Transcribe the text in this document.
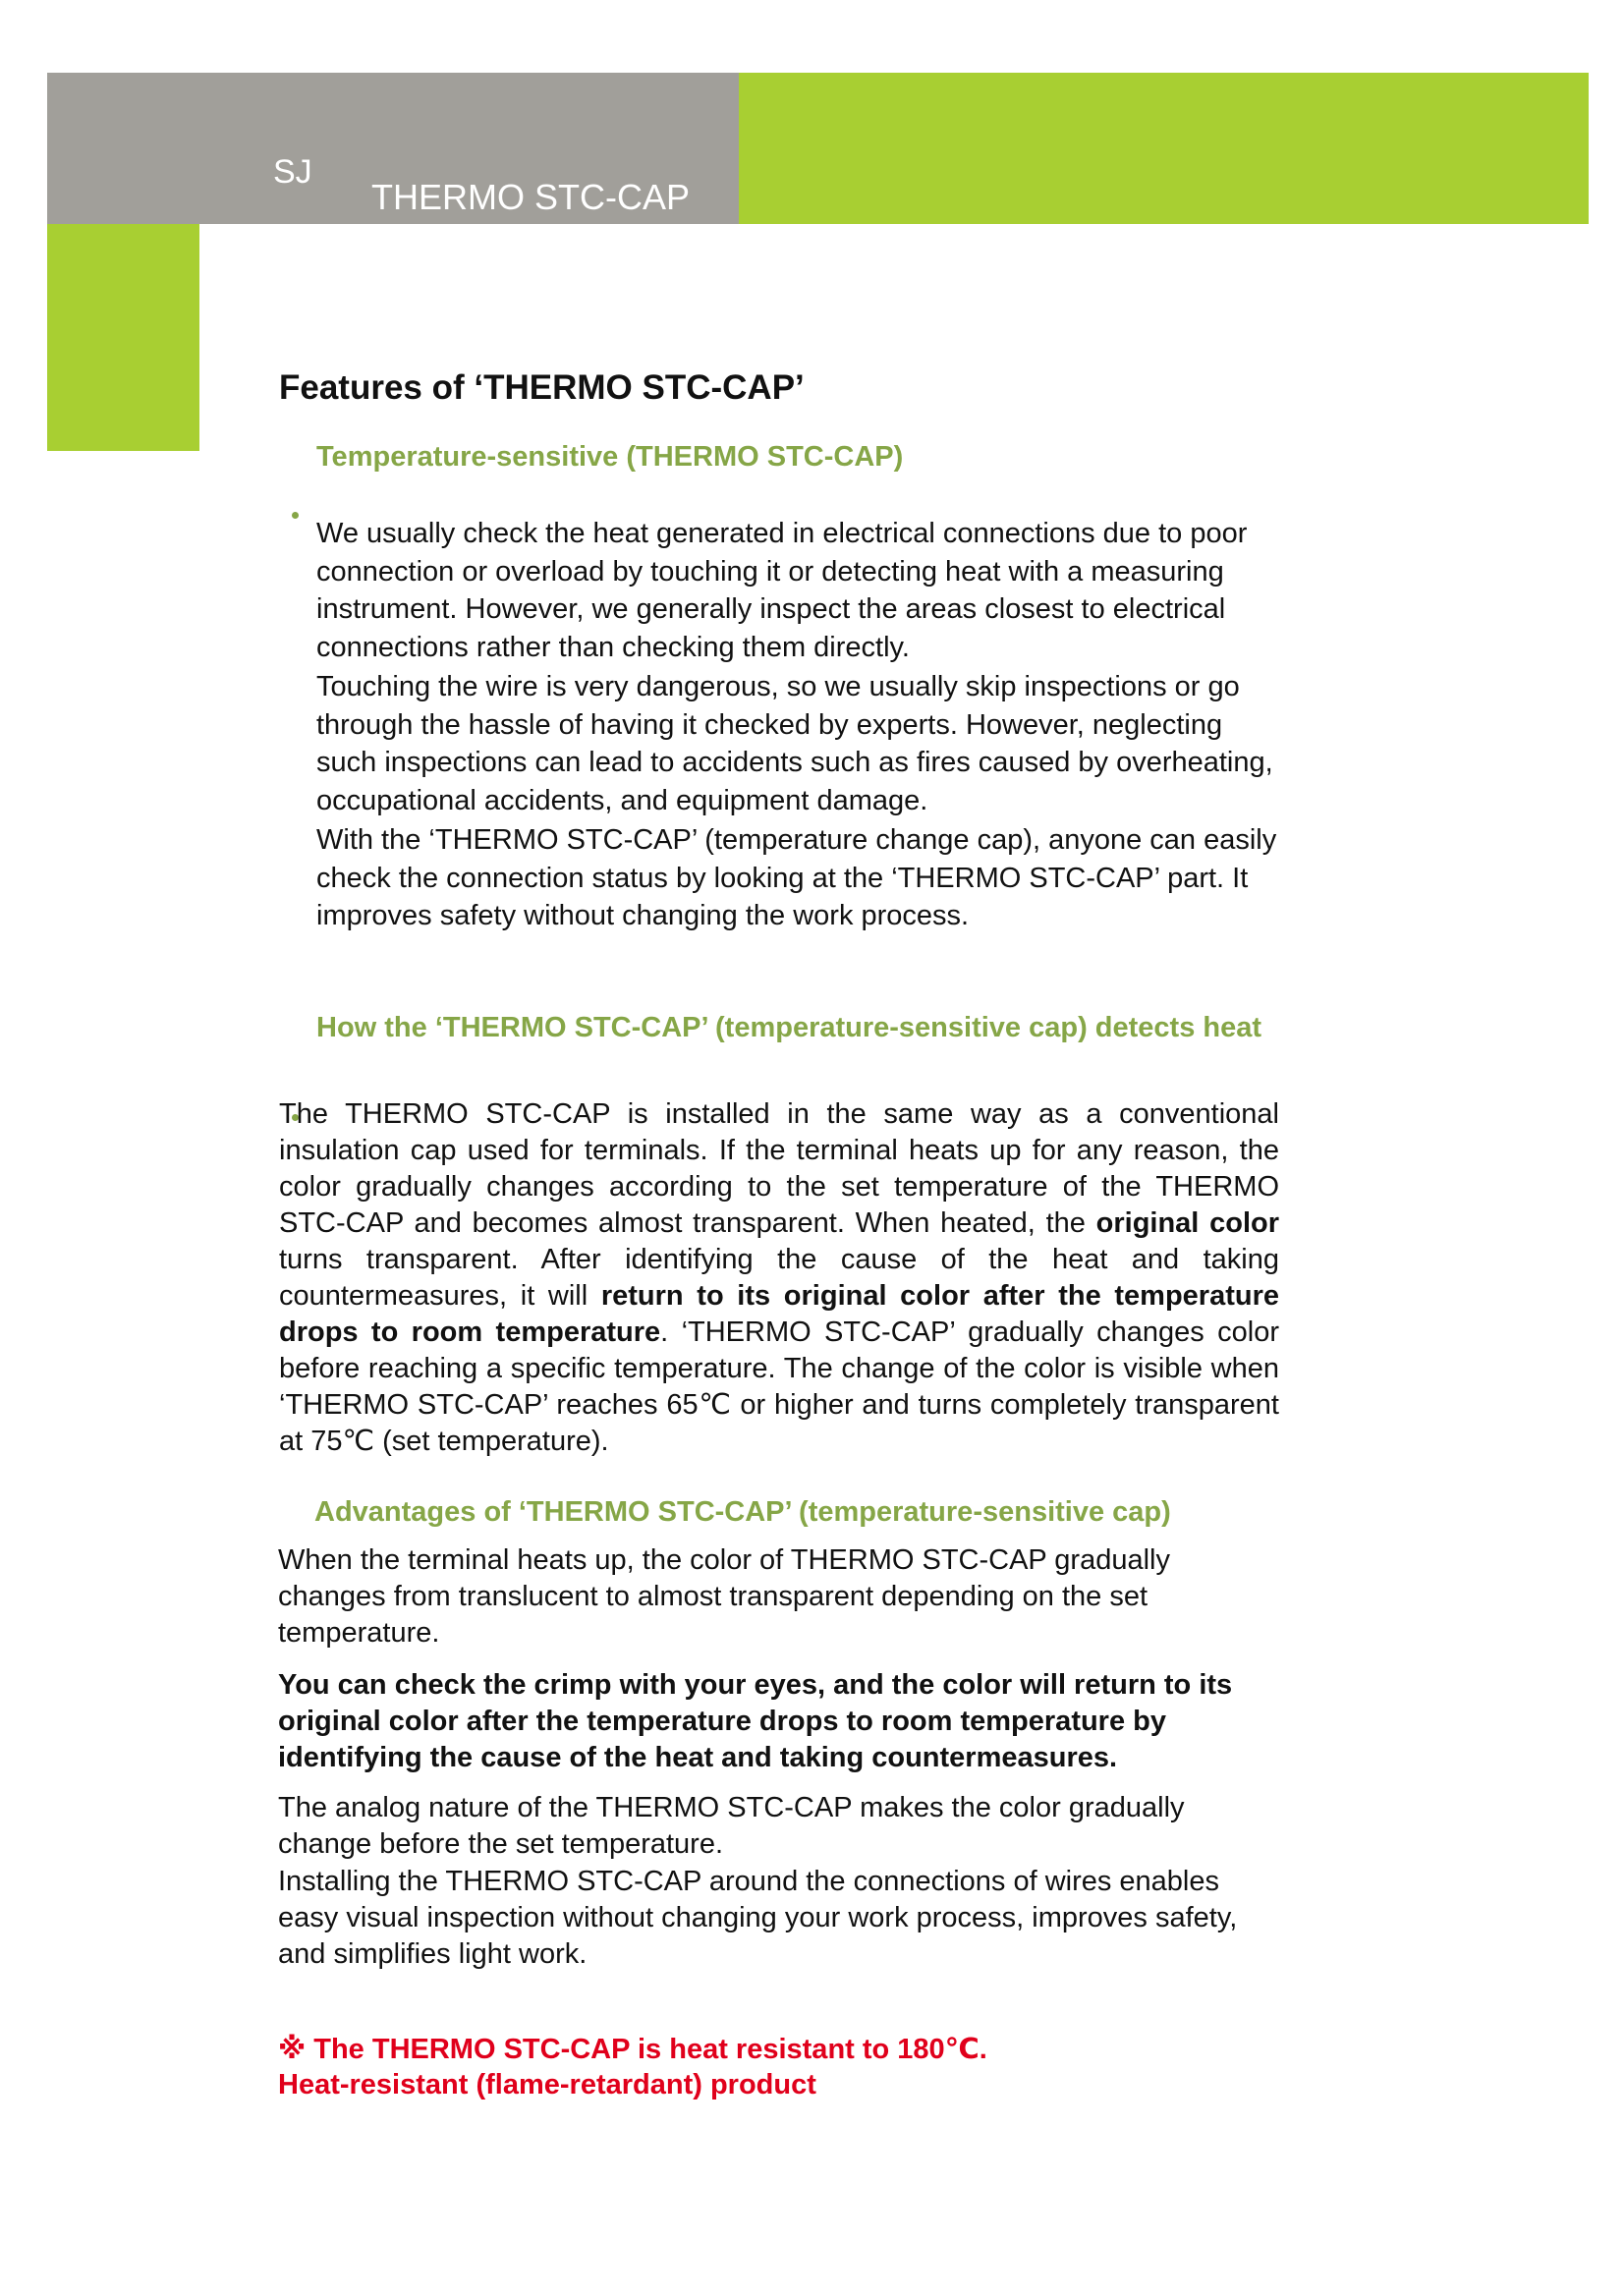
SJ
THERMO STC-CAP
Features of ‘THERMO STC-CAP’
Temperature-sensitive (THERMO STC-CAP)

We usually check the heat generated in electrical connections due to poor connection or overload by touching it or detecting heat with a measuring instrument. However, we generally inspect the areas closest to electrical connections rather than checking them directly.

Touching the wire is very dangerous, so we usually skip inspections or go through the hassle of having it checked by experts. However, neglecting such inspections can lead to accidents such as fires caused by overheating, occupational accidents, and equipment damage.

With the ‘THERMO STC-CAP’ (temperature change cap), anyone can easily check the connection status by looking at the ‘THERMO STC-CAP’ part. It improves safety without changing the work process.

How the ‘THERMO STC-CAP’ (temperature-sensitive cap) detects heat

The THERMO STC-CAP is installed in the same way as a conventional insulation cap used for terminals. If the terminal heats up for any reason, the color gradually changes according to the set temperature of the THERMO STC-CAP and becomes almost transparent. When heated, the original color turns transparent. After identifying the cause of the heat and taking countermeasures, it will return to its original color after the temperature drops to room temperature. ‘THERMO STC-CAP’ gradually changes color before reaching a specific temperature. The change of the color is visible when ‘THERMO STC-CAP’ reaches 65℃ or higher and turns completely transparent at 75℃ (set temperature).

Advantages of ‘THERMO STC-CAP’ (temperature-sensitive cap)

When the terminal heats up, the color of THERMO STC-CAP gradually changes from translucent to almost transparent depending on the set temperature.

You can check the crimp with your eyes, and the color will return to its original color after the temperature drops to room temperature by identifying the cause of the heat and taking countermeasures.

The analog nature of the THERMO STC-CAP makes the color gradually change before the set temperature.

Installing the THERMO STC-CAP around the connections of wires enables easy visual inspection without changing your work process, improves safety, and simplifies light work.

※ The THERMO STC-CAP is heat resistant to 180℃.

Heat-resistant (flame-retardant) product
